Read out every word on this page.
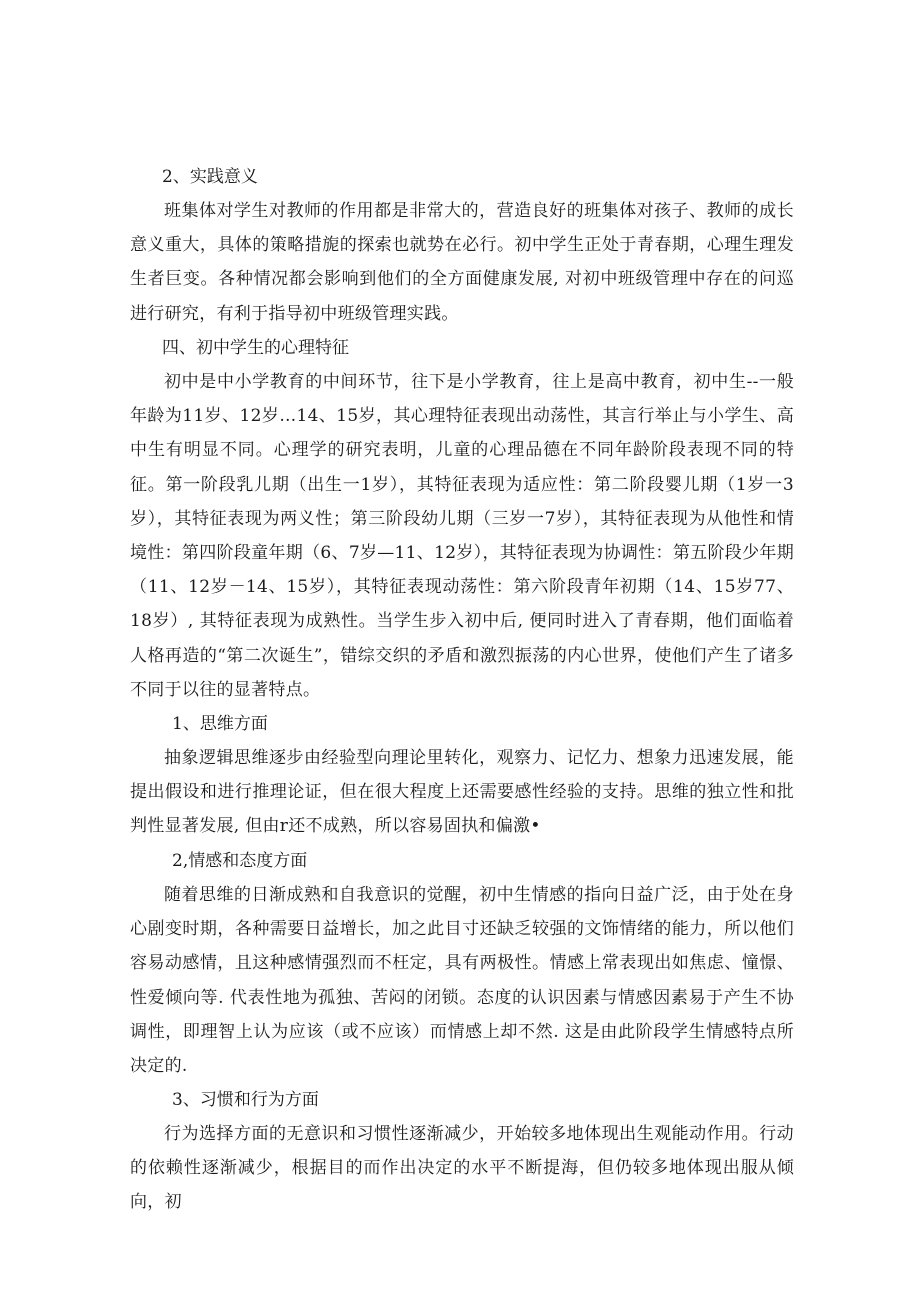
2、实践意义

班集体对学生对教师的作用都是非常大的，营造良好的班集体对孩子、教师的成长意义重大，具体的策略措旎的探索也就势在必行。初中学生正处于青春期，心理生理发生者巨变。各种情况都会影响到他们的全方面健康发展, 对初中班级管理中存在的问巡进行研究，有利于指导初中班级管理实践。

四、初中学生的心理特征

初中是中小学教育的中间环节，往下是小学教育，往上是高中教育，初中生--一般年龄为11岁、12岁…14、15岁，其心理特征表现出动荡性，其言行举止与小学生、高中生有明显不同。心理学的研究表明，儿童的心理品德在不同年龄阶段表现不同的特征。第一阶段乳儿期（出生一1岁），其特征表现为适应性：第二阶段婴儿期（1岁一3岁），其特征表现为两义性；第三阶段幼儿期（三岁一7岁），其特征表现为从他性和情境性：第四阶段童年期（6、7岁—11、12岁），其特征表现为协调性：第五阶段少年期（11、12岁－14、15岁），其特征表现动荡性：第六阶段青年初期（14、15岁77、18岁）, 其特征表现为成熟性。当学生步入初中后, 便同时进入了青春期，他们面临着人格再造的“第二次诞生”，错综交织的矛盾和激烈振荡的内心世界，使他们产生了诸多不同于以往的显著特点。

1、思维方面

抽象逻辑思维逐步由经验型向理论里转化，观察力、记忆力、想象力迅速发展，能提出假设和进行推理论证，但在很大程度上还需要感性经验的支持。思维的独立性和批判性显著发展, 但由r还不成熟，所以容易固执和偏激•

2,情感和态度方面

随着思维的日渐成熟和自我意识的觉醒，初中生情感的指向日益广泛，由于处在身心剧变时期，各种需要日益增长，加之此目寸还缺乏较强的文饰情绪的能力，所以他们容易动感情，且这种感情强烈而不枉定，具有两极性。情感上常表现出如焦虑、憧憬、性爱倾向等. 代表性地为孤独、苦闷的闭锁。态度的认识因素与情感因素易于产生不协调性，即理智上认为应该（或不应该）而情感上却不然. 这是由此阶段学生情感特点所决定的.

3、习惯和行为方面

行为选择方面的无意识和习惯性逐渐减少，开始较多地体现出生观能动作用。行动的依赖性逐渐减少，根据目的而作出决定的水平不断提海，但仍较多地体现出服从倾向，初
